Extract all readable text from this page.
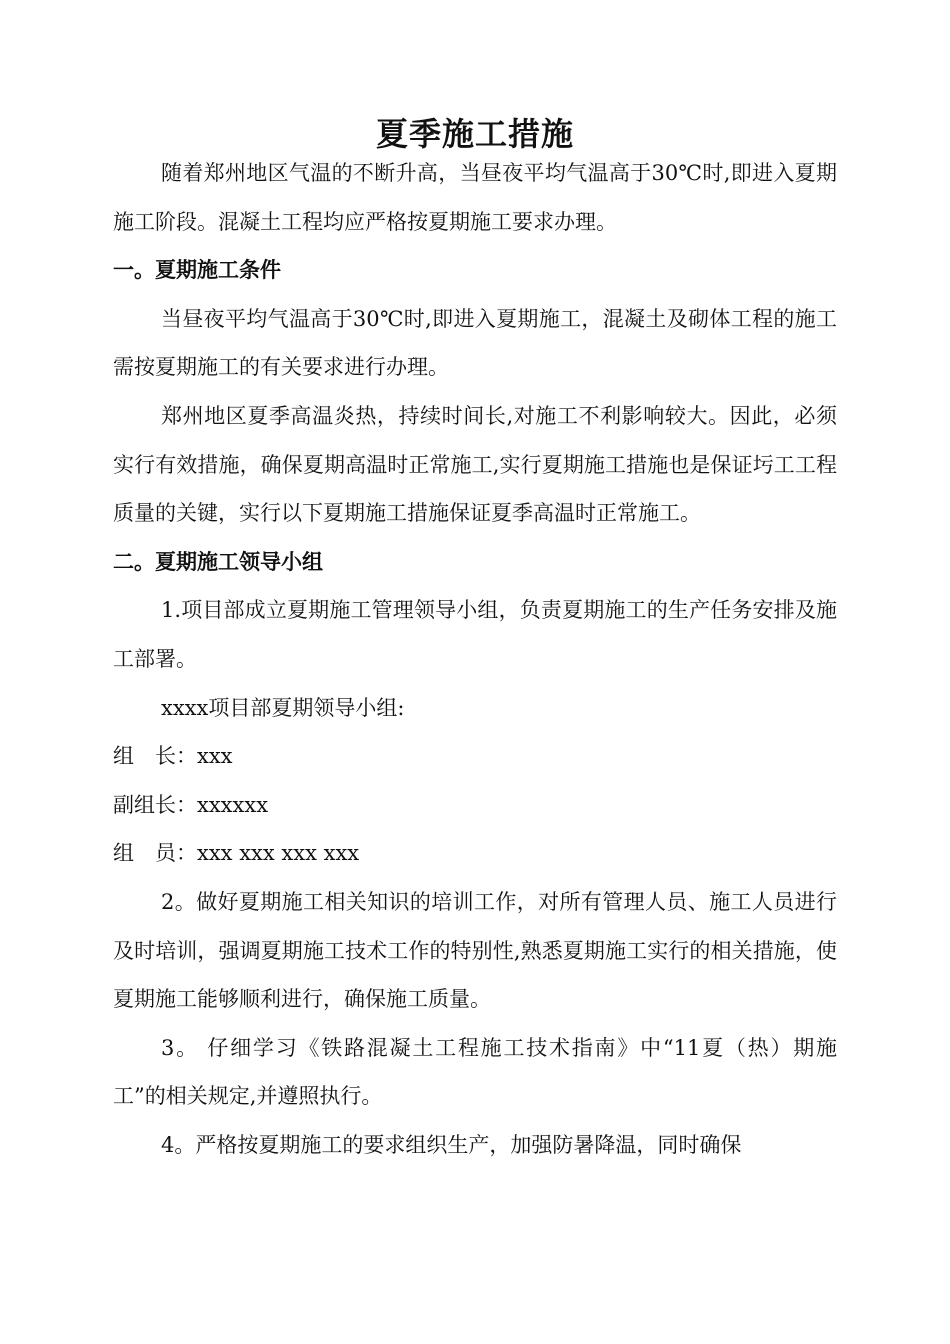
夏季施工措施

随着郑州地区气温的不断升高，当昼夜平均气温高于30℃时,即进入夏期施工阶段。混凝土工程均应严格按夏期施工要求办理。

一。夏期施工条件

当昼夜平均气温高于30℃时,即进入夏期施工，混凝土及砌体工程的施工需按夏期施工的有关要求进行办理。

郑州地区夏季高温炎热，持续时间长,对施工不利影响较大。因此，必须实行有效措施，确保夏期高温时正常施工,实行夏期施工措施也是保证圬工工程质量的关键，实行以下夏期施工措施保证夏季高温时正常施工。

二。夏期施工领导小组

1.项目部成立夏期施工管理领导小组，负责夏期施工的生产任务安排及施工部署。

xxxx项目部夏期领导小组:

组　长：xxx

副组长：xxxxxx

组　员：xxx xxx xxx xxx

2。做好夏期施工相关知识的培训工作，对所有管理人员、施工人员进行及时培训，强调夏期施工技术工作的特别性,熟悉夏期施工实行的相关措施，使夏期施工能够顺利进行，确保施工质量。

3。 仔细学习《铁路混凝土工程施工技术指南》中“11夏（热）期施工”的相关规定,并遵照执行。

4。严格按夏期施工的要求组织生产，加强防暑降温，同时确保
